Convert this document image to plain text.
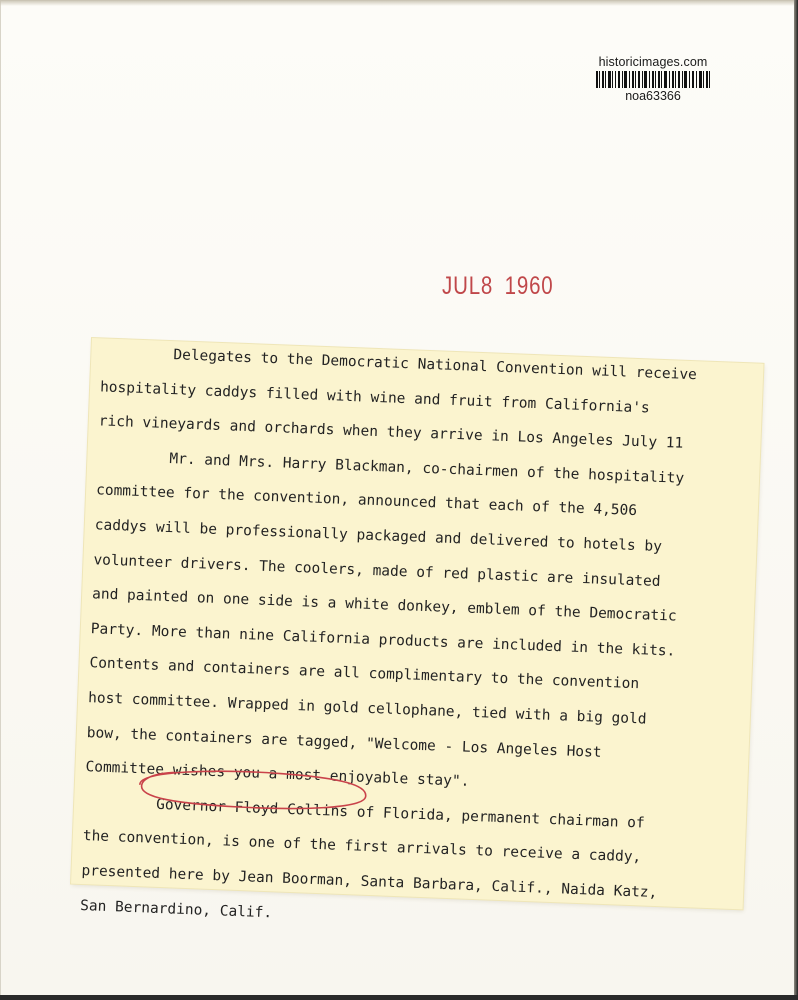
historicimages.com
noa63366
JUL8 1960
Delegates to the Democratic National Convention will receive
hospitality caddys filled with wine and fruit from California's
rich vineyards and orchards when they arrive in Los Angeles July 11
Mr. and Mrs. Harry Blackman, co-chairmen of the hospitality
committee for the convention, announced that each of the 4,506
caddys will be professionally packaged and delivered to hotels by
volunteer drivers. The coolers, made of red plastic are insulated
and painted on one side is a white donkey, emblem of the Democratic
Party. More than nine California products are included in the kits.
Contents and containers are all complimentary to the convention
host committee. Wrapped in gold cellophane, tied with a big gold
bow, the containers are tagged, "Welcome - Los Angeles Host
Committee wishes you a most enjoyable stay".
Governor Floyd Collins of Florida, permanent chairman of
the convention, is one of the first arrivals to receive a caddy,
presented here by Jean Boorman, Santa Barbara, Calif., Naida Katz,
San Bernardino, Calif.
